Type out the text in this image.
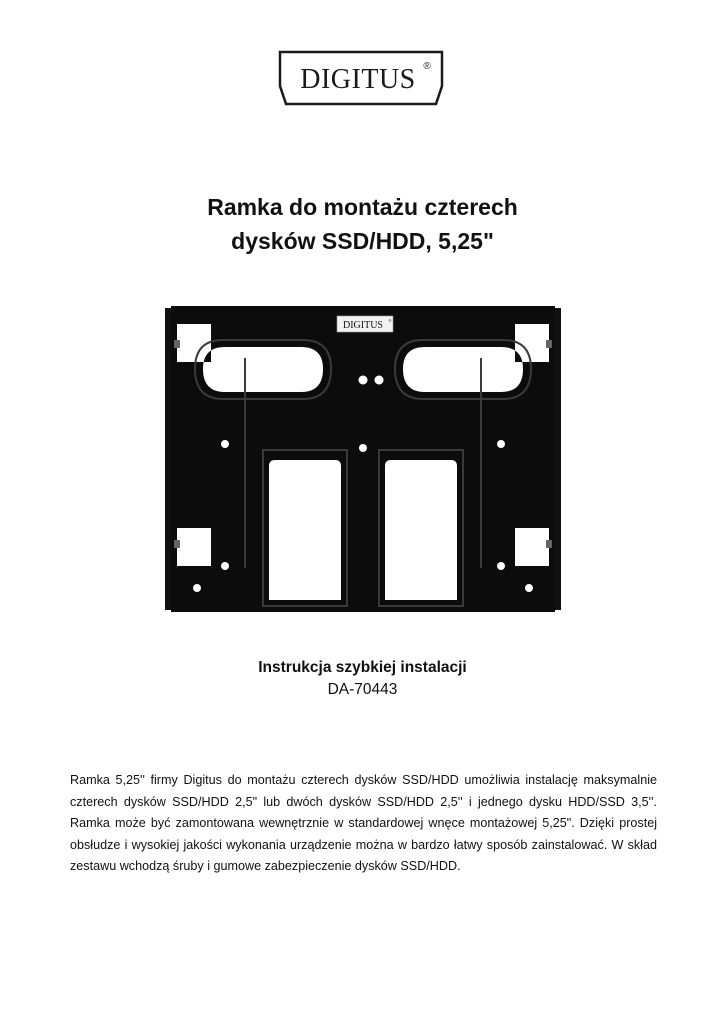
DIGITUS ®
Ramka do montażu czterech
dysków SSD/HDD, 5,25"
DIGITUS ®
Instrukcja szybkiej instalacji
DA-70443
Ramka 5,25'' firmy Digitus do montażu czterech dysków SSD/HDD umożliwia instalację maksymalnie czterech dysków SSD/HDD 2,5" lub dwóch dysków SSD/HDD 2,5'' i jednego dysku HDD/SSD 3,5''. Ramka może być zamontowana wewnętrznie w standardowej wnęce montażowej 5,25". Dzięki prostej obsłudze i wysokiej jakości wykonania urządzenie można w bardzo łatwy sposób zainstalować. W skład zestawu wchodzą śruby i gumowe zabezpieczenie dysków SSD/HDD.
